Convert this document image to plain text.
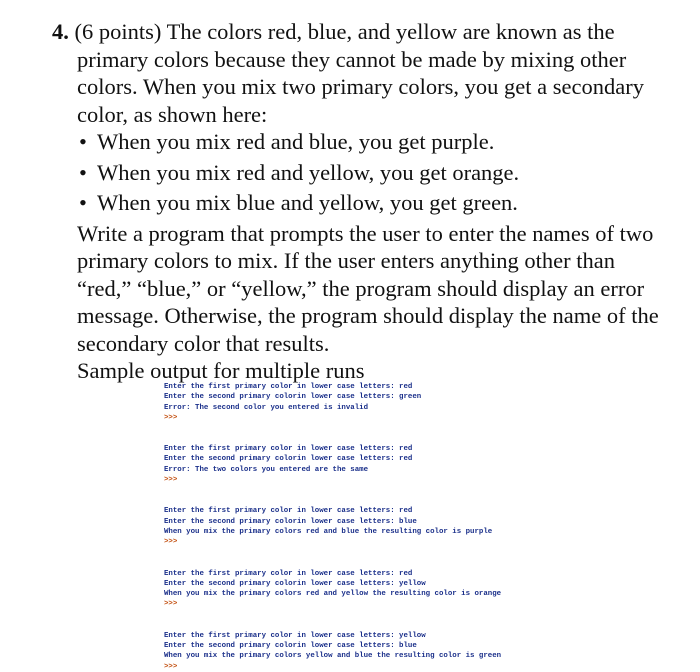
4. (6 points) The colors red, blue, and yellow are known as the primary colors because they cannot be made by mixing other colors. When you mix two primary colors, you get a secondary color, as shown here:

• When you mix red and blue, you get purple.
• When you mix red and yellow, you get orange.
• When you mix blue and yellow, you get green.

Write a program that prompts the user to enter the names of two primary colors to mix. If the user enters anything other than “red,” “blue,” or “yellow,” the program should display an error message. Otherwise, the program should display the name of the secondary color that results.

Sample output for multiple runs

Enter the first primary color in lower case letters: red
Enter the second primary colorin lower case letters: green
Error: The second color you entered is invalid
>>>
Enter the first primary color in lower case letters: red
Enter the second primary colorin lower case letters: red
Error: The two colors you entered are the same
>>>
Enter the first primary color in lower case letters: red
Enter the second primary colorin lower case letters: blue
When you mix the primary colors red and blue the resulting color is purple
>>>
Enter the first primary color in lower case letters: red
Enter the second primary colorin lower case letters: yellow
When you mix the primary colors red and yellow the resulting color is orange
>>>
Enter the first primary color in lower case letters: yellow
Enter the second primary colorin lower case letters: blue
When you mix the primary colors yellow and blue the resulting color is green
>>>
